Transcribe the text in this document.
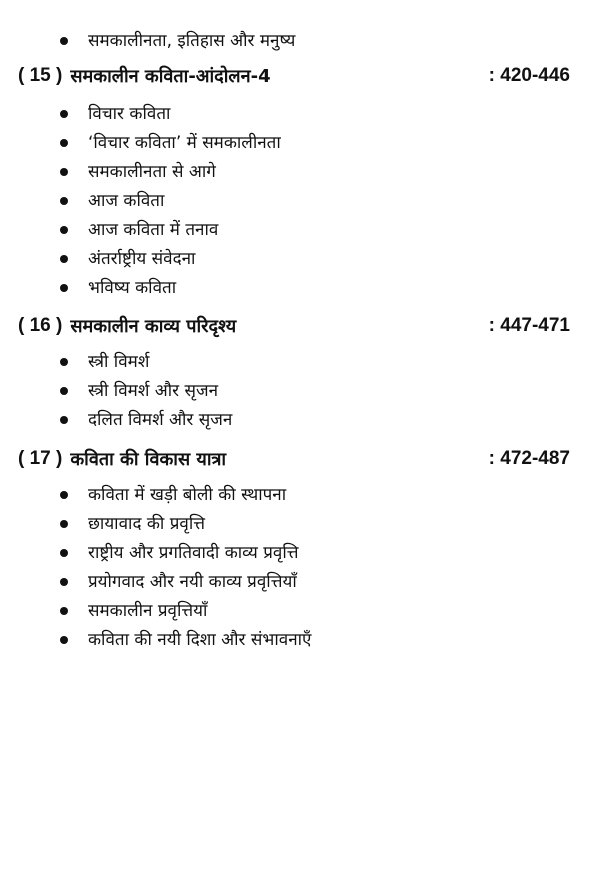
समकालीनता, इतिहास और मनुष्य
( 15 ) समकालीन कविता-आंदोलन-4	: 420-446
विचार कविता
‘विचार कविता’ में समकालीनता
समकालीनता से आगे
आज कविता
आज कविता में तनाव
अंतर्राष्ट्रीय संवेदना
भविष्य कविता
( 16 ) समकालीन काव्य परिदृश्य	: 447-471
स्त्री विमर्श
स्त्री विमर्श और सृजन
दलित विमर्श और सृजन
( 17 ) कविता की विकास यात्रा	: 472-487
कविता में खड़ी बोली की स्थापना
छायावाद की प्रवृत्ति
राष्ट्रीय और प्रगतिवादी काव्य प्रवृत्ति
प्रयोगवाद और नयी काव्य प्रवृत्तियाँ
समकालीन प्रवृत्तियाँ
कविता की नयी दिशा और संभावनाएँ
